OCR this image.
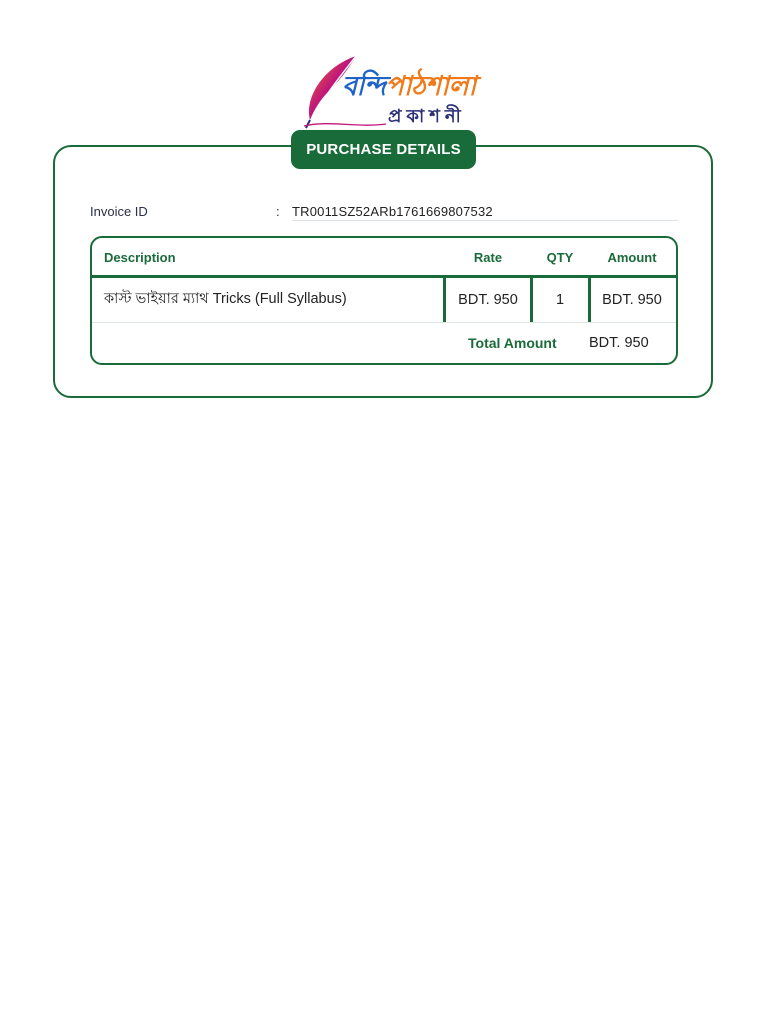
বন্দিপাঠশালা
প্রকাশনী
PURCHASE DETAILS
Invoice ID	: TR0011SZ52ARb1761669807532
Description	Rate	QTY	Amount
কাস্ট ভাইয়ার ম্যাথ Tricks (Full Syllabus)	BDT. 950	1	BDT. 950
Total Amount BDT. 950
